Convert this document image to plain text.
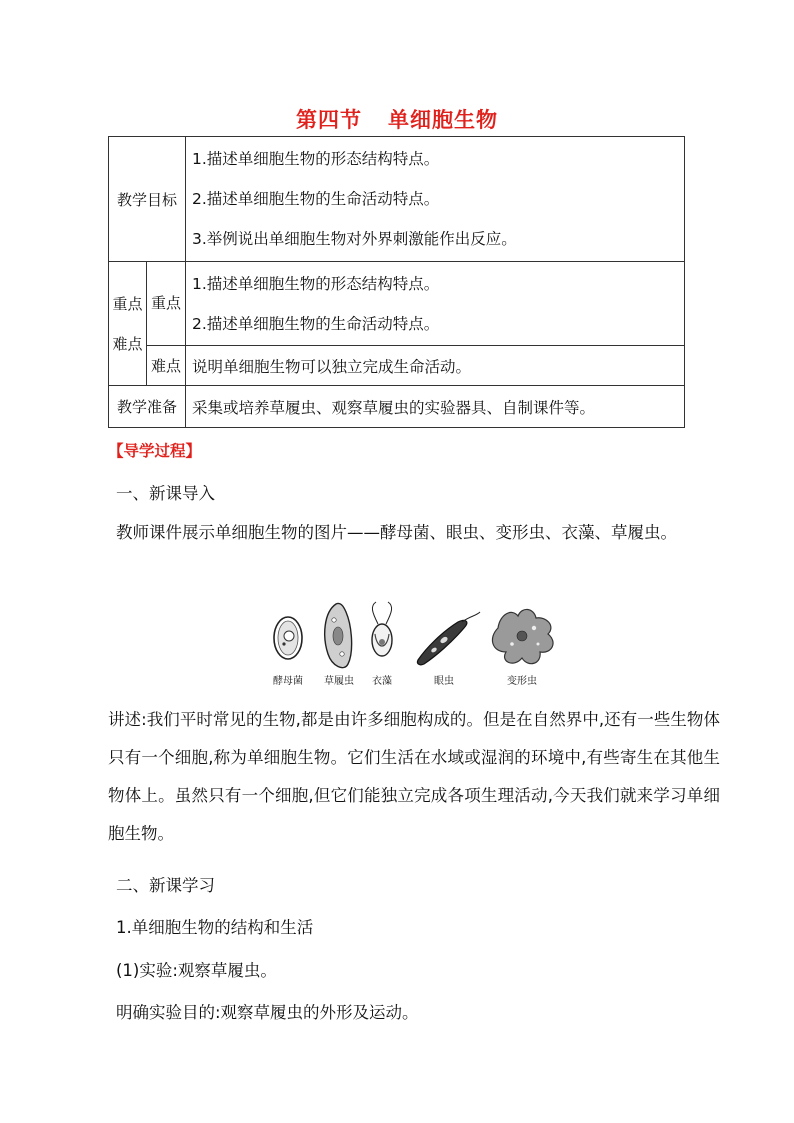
第四节 单细胞生物
教学目标		1.描述单细胞生物的形态结构特点。
2.描述单细胞生物的生命活动特点。
3.举例说出单细胞生物对外界刺激能作出反应。

重点难点	重点	1.描述单细胞生物的形态结构特点。
2.描述单细胞生物的生命活动特点。

	难点	说明单细胞生物可以独立完成生命活动。
教学准备		采集或培养草履虫、观察草履虫的实验器具、自制课件等。
【导学过程】
一、新课导入
教师课件展示单细胞生物的图片——酵母菌、眼虫、变形虫、衣藻、草履虫。
酵母菌 草履虫 衣藻	眼虫	变形虫
讲述:我们平时常见的生物,都是由许多细胞构成的。但是在自然界中,还有一些生物体只有一个细胞,称为单细胞生物。它们生活在水域或湿润的环境中,有些寄生在其他生物体上。虽然只有一个细胞,但它们能独立完成各项生理活动,今天我们就来学习单细胞生物。
二、新课学习
1.单细胞生物的结构和生活
(1)实验:观察草履虫。
明确实验目的:观察草履虫的外形及运动。
